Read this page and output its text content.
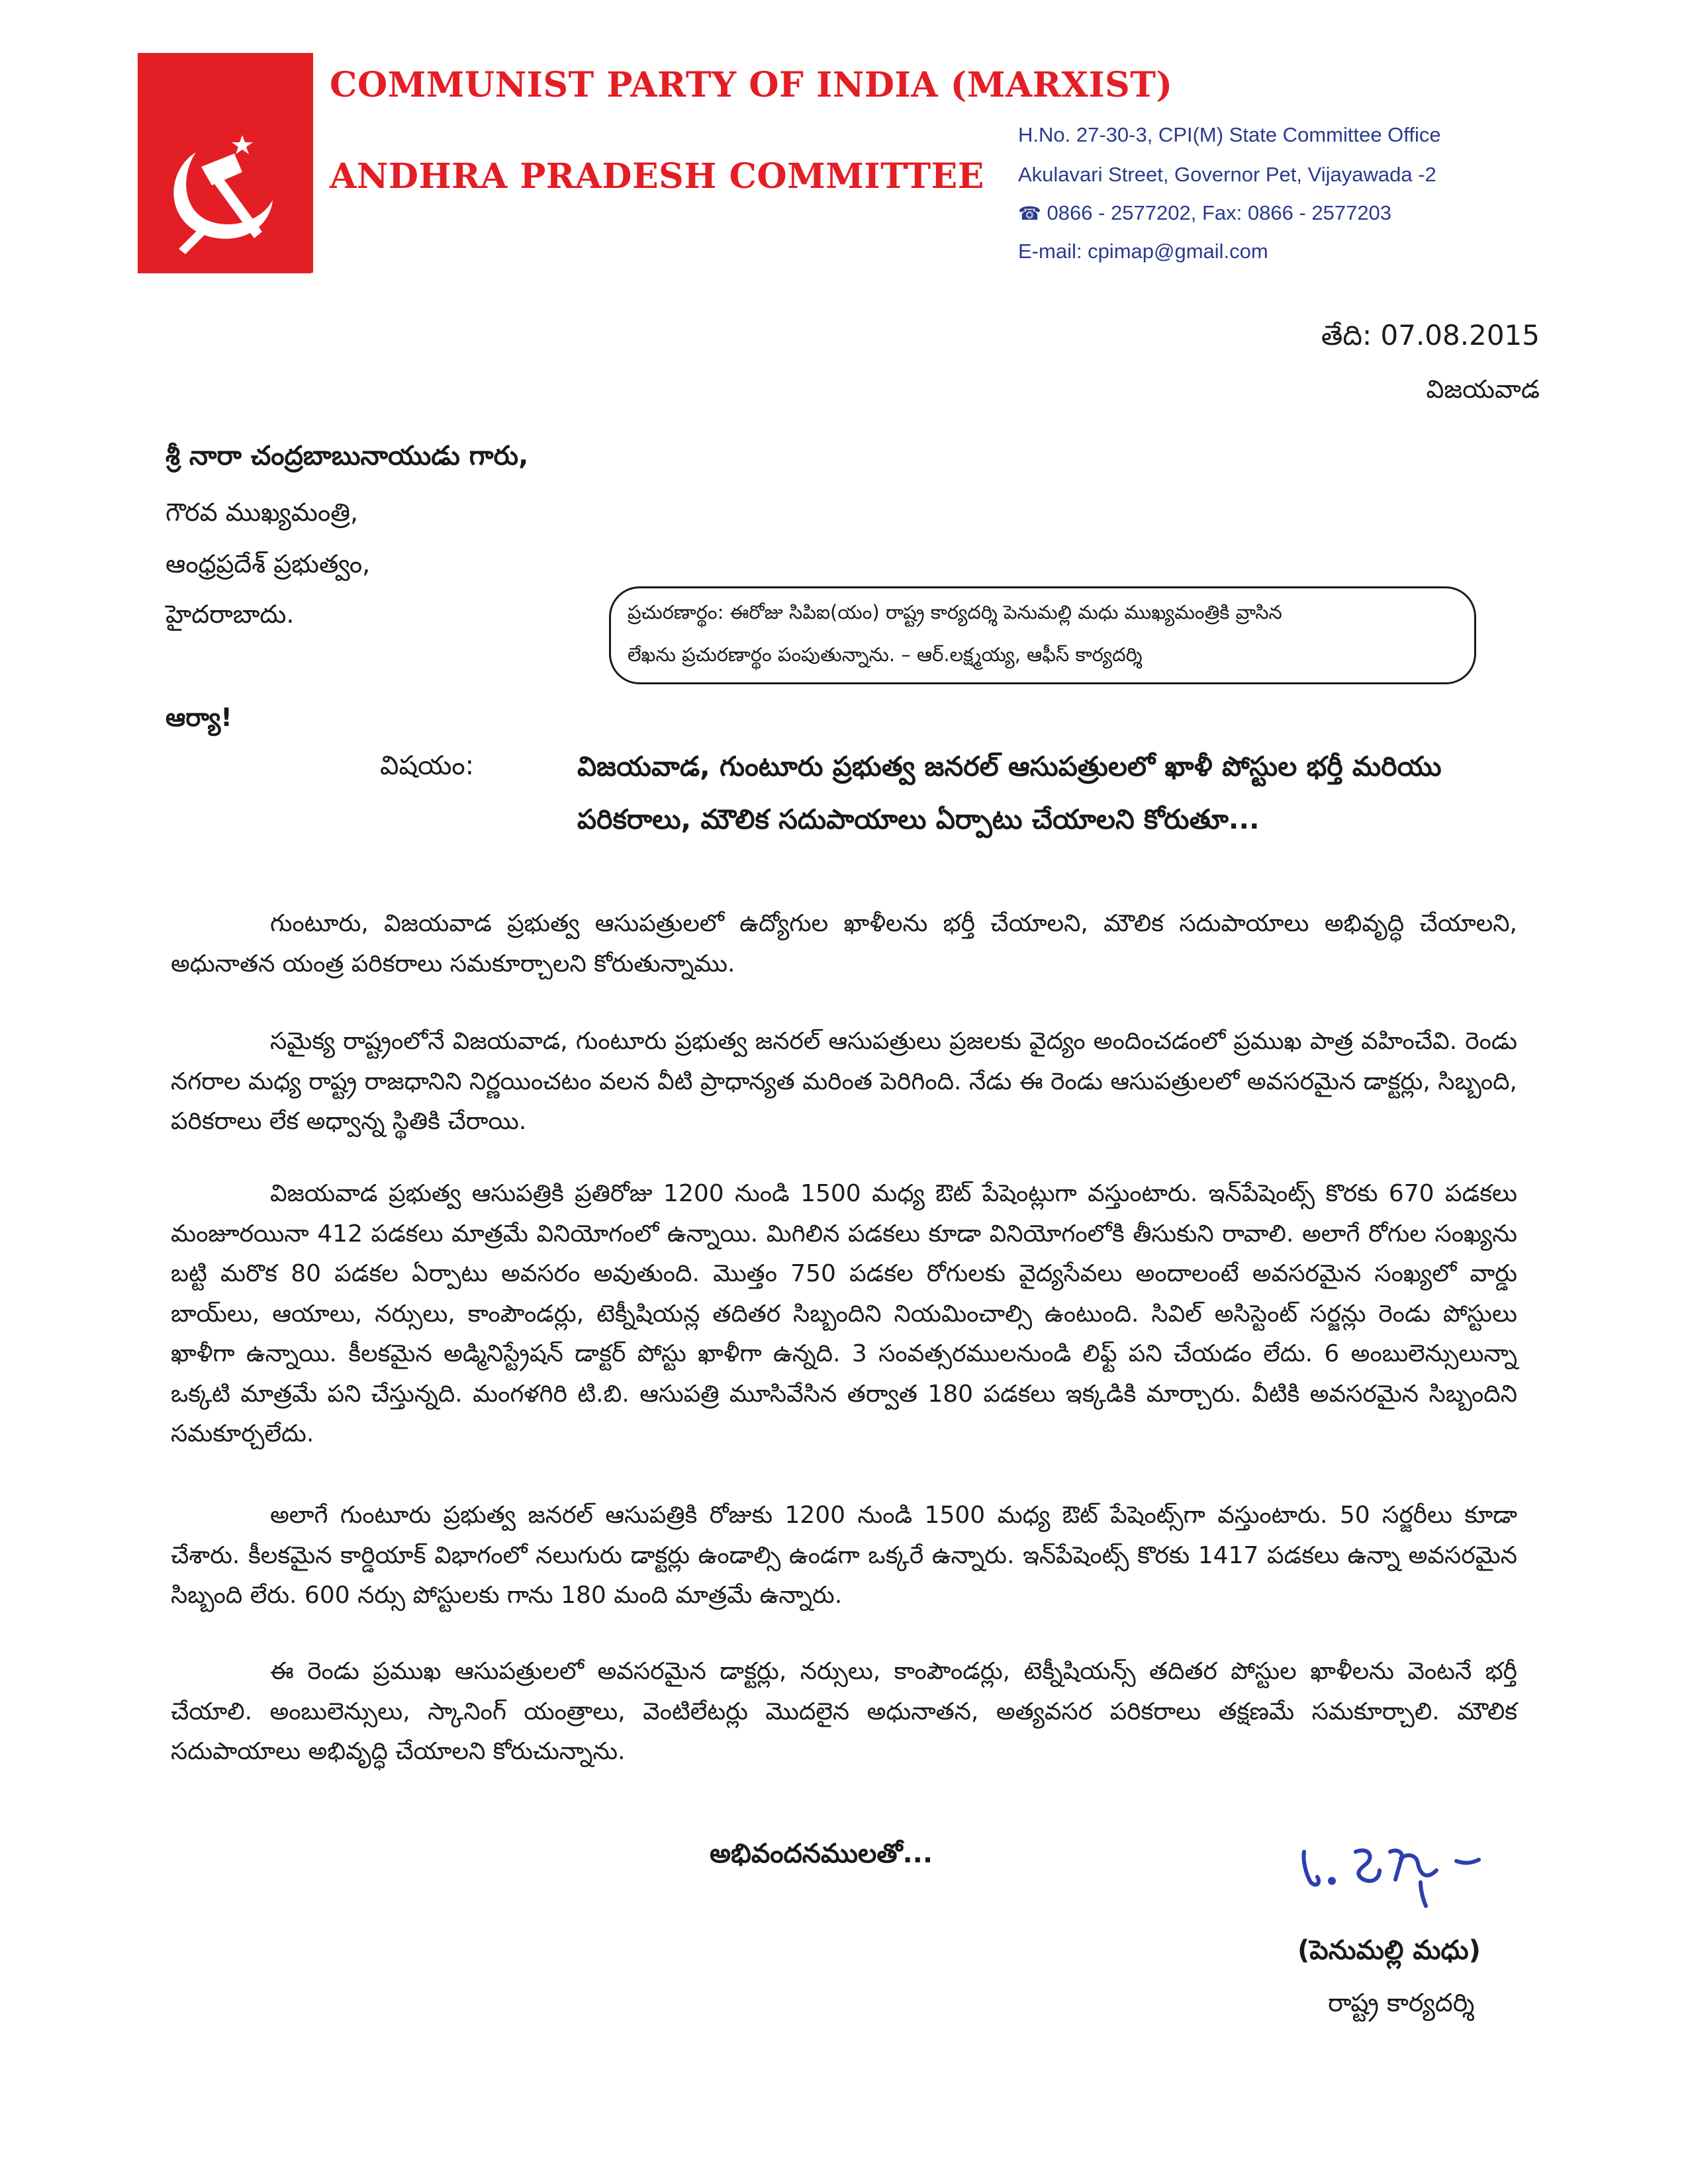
COMMUNIST PARTY OF INDIA (MARXIST)
ANDHRA PRADESH COMMITTEE
H.No. 27-30-3, CPI(M) State Committee Office
Akulavari Street, Governor Pet, Vijayawada -2
☎ 0866 - 2577202, Fax: 0866 - 2577203
E-mail: cpimap@gmail.com
తేది: 07.08.2015
విజయవాడ
శ్రీ నారా చంద్రబాబునాయుడు గారు,
గౌరవ ముఖ్యమంత్రి,
ఆంధ్రప్రదేశ్ ప్రభుత్వం,
హైదరాబాదు.	ప్రచురణార్థం: ఈరోజు సిపిఐ(యం) రాష్ట్ర కార్యదర్శి పెనుమల్లి మధు ముఖ్యమంత్రికి వ్రాసిన
లేఖను ప్రచురణార్థం పంపుతున్నాను. – ఆర్.లక్ష్మయ్య, ఆఫీస్ కార్యదర్శి
ఆర్యా!
విషయం:	విజయవాడ, గుంటూరు ప్రభుత్వ జనరల్ ఆసుపత్రులలో ఖాళీ పోస్టుల భర్తీ మరియు
పరికరాలు, మౌలిక సదుపాయాలు ఏర్పాటు చేయాలని కోరుతూ...
గుంటూరు, విజయవాడ ప్రభుత్వ ఆసుపత్రులలో ఉద్యోగుల ఖాళీలను భర్తీ చేయాలని, మౌలిక సదుపాయాలు అభివృద్ధి చేయాలని, అధునాతన యంత్ర పరికరాలు సమకూర్చాలని కోరుతున్నాము.
సమైక్య రాష్ట్రంలోనే విజయవాడ, గుంటూరు ప్రభుత్వ జనరల్ ఆసుపత్రులు ప్రజలకు వైద్యం అందించడంలో ప్రముఖ పాత్ర వహించేవి. రెండు నగరాల మధ్య రాష్ట్ర రాజధానిని నిర్ణయించటం వలన వీటి ప్రాధాన్యత మరింత పెరిగింది. నేడు ఈ రెండు ఆసుపత్రులలో అవసరమైన డాక్టర్లు, సిబ్బంది, పరికరాలు లేక అధ్వాన్న స్థితికి చేరాయి.
విజయవాడ ప్రభుత్వ ఆసుపత్రికి ప్రతిరోజు 1200 నుండి 1500 మధ్య ఔట్ పేషెంట్లుగా వస్తుంటారు. ఇన్‌పేషెంట్స్ కొరకు 670 పడకలు మంజూరయినా 412 పడకలు మాత్రమే వినియోగంలో ఉన్నాయి. మిగిలిన పడకలు కూడా వినియోగంలోకి తీసుకుని రావాలి. అలాగే రోగుల సంఖ్యను బట్టి మరొక 80 పడకల ఏర్పాటు అవసరం అవుతుంది. మొత్తం 750 పడకల రోగులకు వైద్యసేవలు అందాలంటే అవసరమైన సంఖ్యలో వార్డు బాయ్‌లు, ఆయాలు, నర్సులు, కాంపౌండర్లు, టెక్నీషియన్ల తదితర సిబ్బందిని నియమించాల్సి ఉంటుంది. సివిల్ అసిస్టెంట్ సర్జన్లు రెండు పోస్టులు ఖాళీగా ఉన్నాయి. కీలకమైన అడ్మినిస్ట్రేషన్ డాక్టర్ పోస్టు ఖాళీగా ఉన్నది. 3 సంవత్సరములనుండి లిఫ్ట్ పని చేయడం లేదు. 6 అంబులెన్సులున్నా ఒక్కటి మాత్రమే పని చేస్తున్నది. మంగళగిరి టి.బి. ఆసుపత్రి మూసివేసిన తర్వాత 180 పడకలు ఇక్కడికి మార్చారు. వీటికి అవసరమైన సిబ్బందిని సమకూర్చలేదు.
అలాగే గుంటూరు ప్రభుత్వ జనరల్ ఆసుపత్రికి రోజుకు 1200 నుండి 1500 మధ్య ఔట్ పేషెంట్స్‌గా వస్తుంటారు. 50 సర్జరీలు కూడా చేశారు. కీలకమైన కార్డియాక్ విభాగంలో నలుగురు డాక్టర్లు ఉండాల్సి ఉండగా ఒక్కరే ఉన్నారు. ఇన్‌పేషెంట్స్ కొరకు 1417 పడకలు ఉన్నా అవసరమైన సిబ్బంది లేరు. 600 నర్సు పోస్టులకు గాను 180 మంది మాత్రమే ఉన్నారు.
ఈ రెండు ప్రముఖ ఆసుపత్రులలో అవసరమైన డాక్టర్లు, నర్సులు, కాంపౌండర్లు, టెక్నీషియన్స్ తదితర పోస్టుల ఖాళీలను వెంటనే భర్తీ చేయాలి. అంబులెన్సులు, స్కానింగ్ యంత్రాలు, వెంటిలేటర్లు మొదలైన అధునాతన, అత్యవసర పరికరాలు తక్షణమే సమకూర్చాలి. మౌలిక సదుపాయాలు అభివృద్ధి చేయాలని కోరుచున్నాను.
అభివందనములతో...
(పెనుమల్లి మధు)
రాష్ట్ర కార్యదర్శి
